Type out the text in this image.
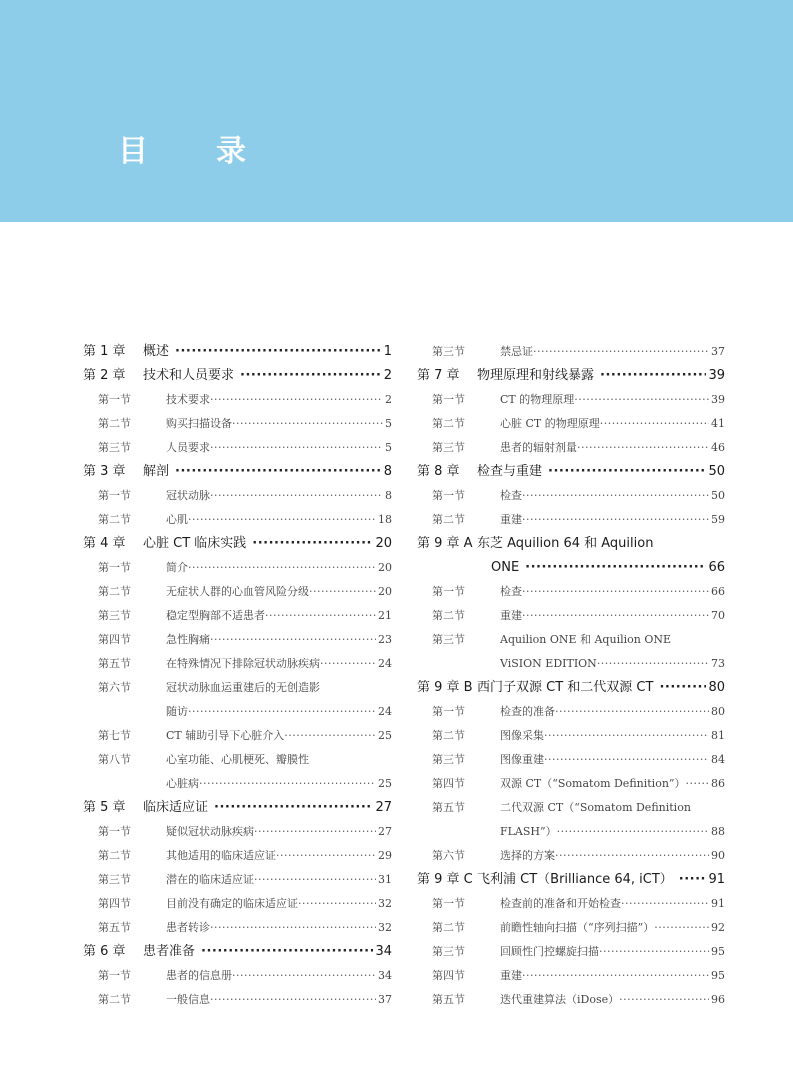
目录
第 1 章	概述 ·····	1
第 2 章	技术和人员要求 ·····	2
第一节	技术要求 ·····	2
第二节	购买扫描设备 ·····	5
第三节	人员要求 ·····	5
第 3 章	解剖 ·····	8
第一节	冠状动脉 ·····	8
第二节	心肌 ·····	18
第 4 章	心脏 CT 临床实践 ·····	20
第一节	简介 ·····	20
第二节	无症状人群的心血管风险分级 ·····	20
第三节	稳定型胸部不适患者 ·····	21
第四节	急性胸痛 ·····	23
第五节	在特殊情况下排除冠状动脉疾病 ·····	24
第六节	冠状动脉血运重建后的无创造影
随访 ·····	24
第七节	CT 辅助引导下心脏介入 ·····	25
第八节	心室功能、心肌梗死、瓣膜性
心脏病 ·····	25
第 5 章	临床适应证 ·····	27
第一节	疑似冠状动脉疾病 ·····	27
第二节	其他适用的临床适应证 ·····	29
第三节	潜在的临床适应证 ·····	31
第四节	目前没有确定的临床适应证 ·····	32
第五节	患者转诊 ·····	32
第 6 章	患者准备 ·····	34
第一节	患者的信息册 ·····	34
第二节	一般信息 ·····	37
第三节	禁忌证 ·····	37
第 7 章	物理原理和射线暴露 ·····	39
第一节	CT 的物理原理 ·····	39
第二节	心脏 CT 的物理原理 ·····	41
第三节	患者的辐射剂量 ·····	46
第 8 章	检查与重建 ·····	50
第一节	检查 ·····	50
第二节	重建 ·····	59
第 9 章 A 东芝 Aquilion 64 和 Aquilion
ONE ·····	66
第一节	检查 ·····	66
第二节	重建 ·····	70
第三节	Aquilion ONE 和 Aquilion ONE
ViSION EDITION ·····	73
第 9 章 B 西门子双源 CT 和二代双源 CT ·····	80
第一节	检查的准备 ·····	80
第二节	图像采集 ·····	81
第三节	图像重建 ·····	84
第四节	双源 CT（“Somatom Definition”） ····· 86
第五节	二代双源 CT（“Somatom Definition
FLASH”） ·····	88
第六节	选择的方案 ·····	90
第 9 章 C 飞利浦 CT（Brilliance 64, iCT） ·····	91
第一节	检查前的准备和开始检查 ·····	91
第二节	前瞻性轴向扫描（“序列扫描”） ·····	92
第三节	回顾性门控螺旋扫描 ·····	95
第四节	重建 ·····	95
第五节	迭代重建算法（iDose） ·····	96
